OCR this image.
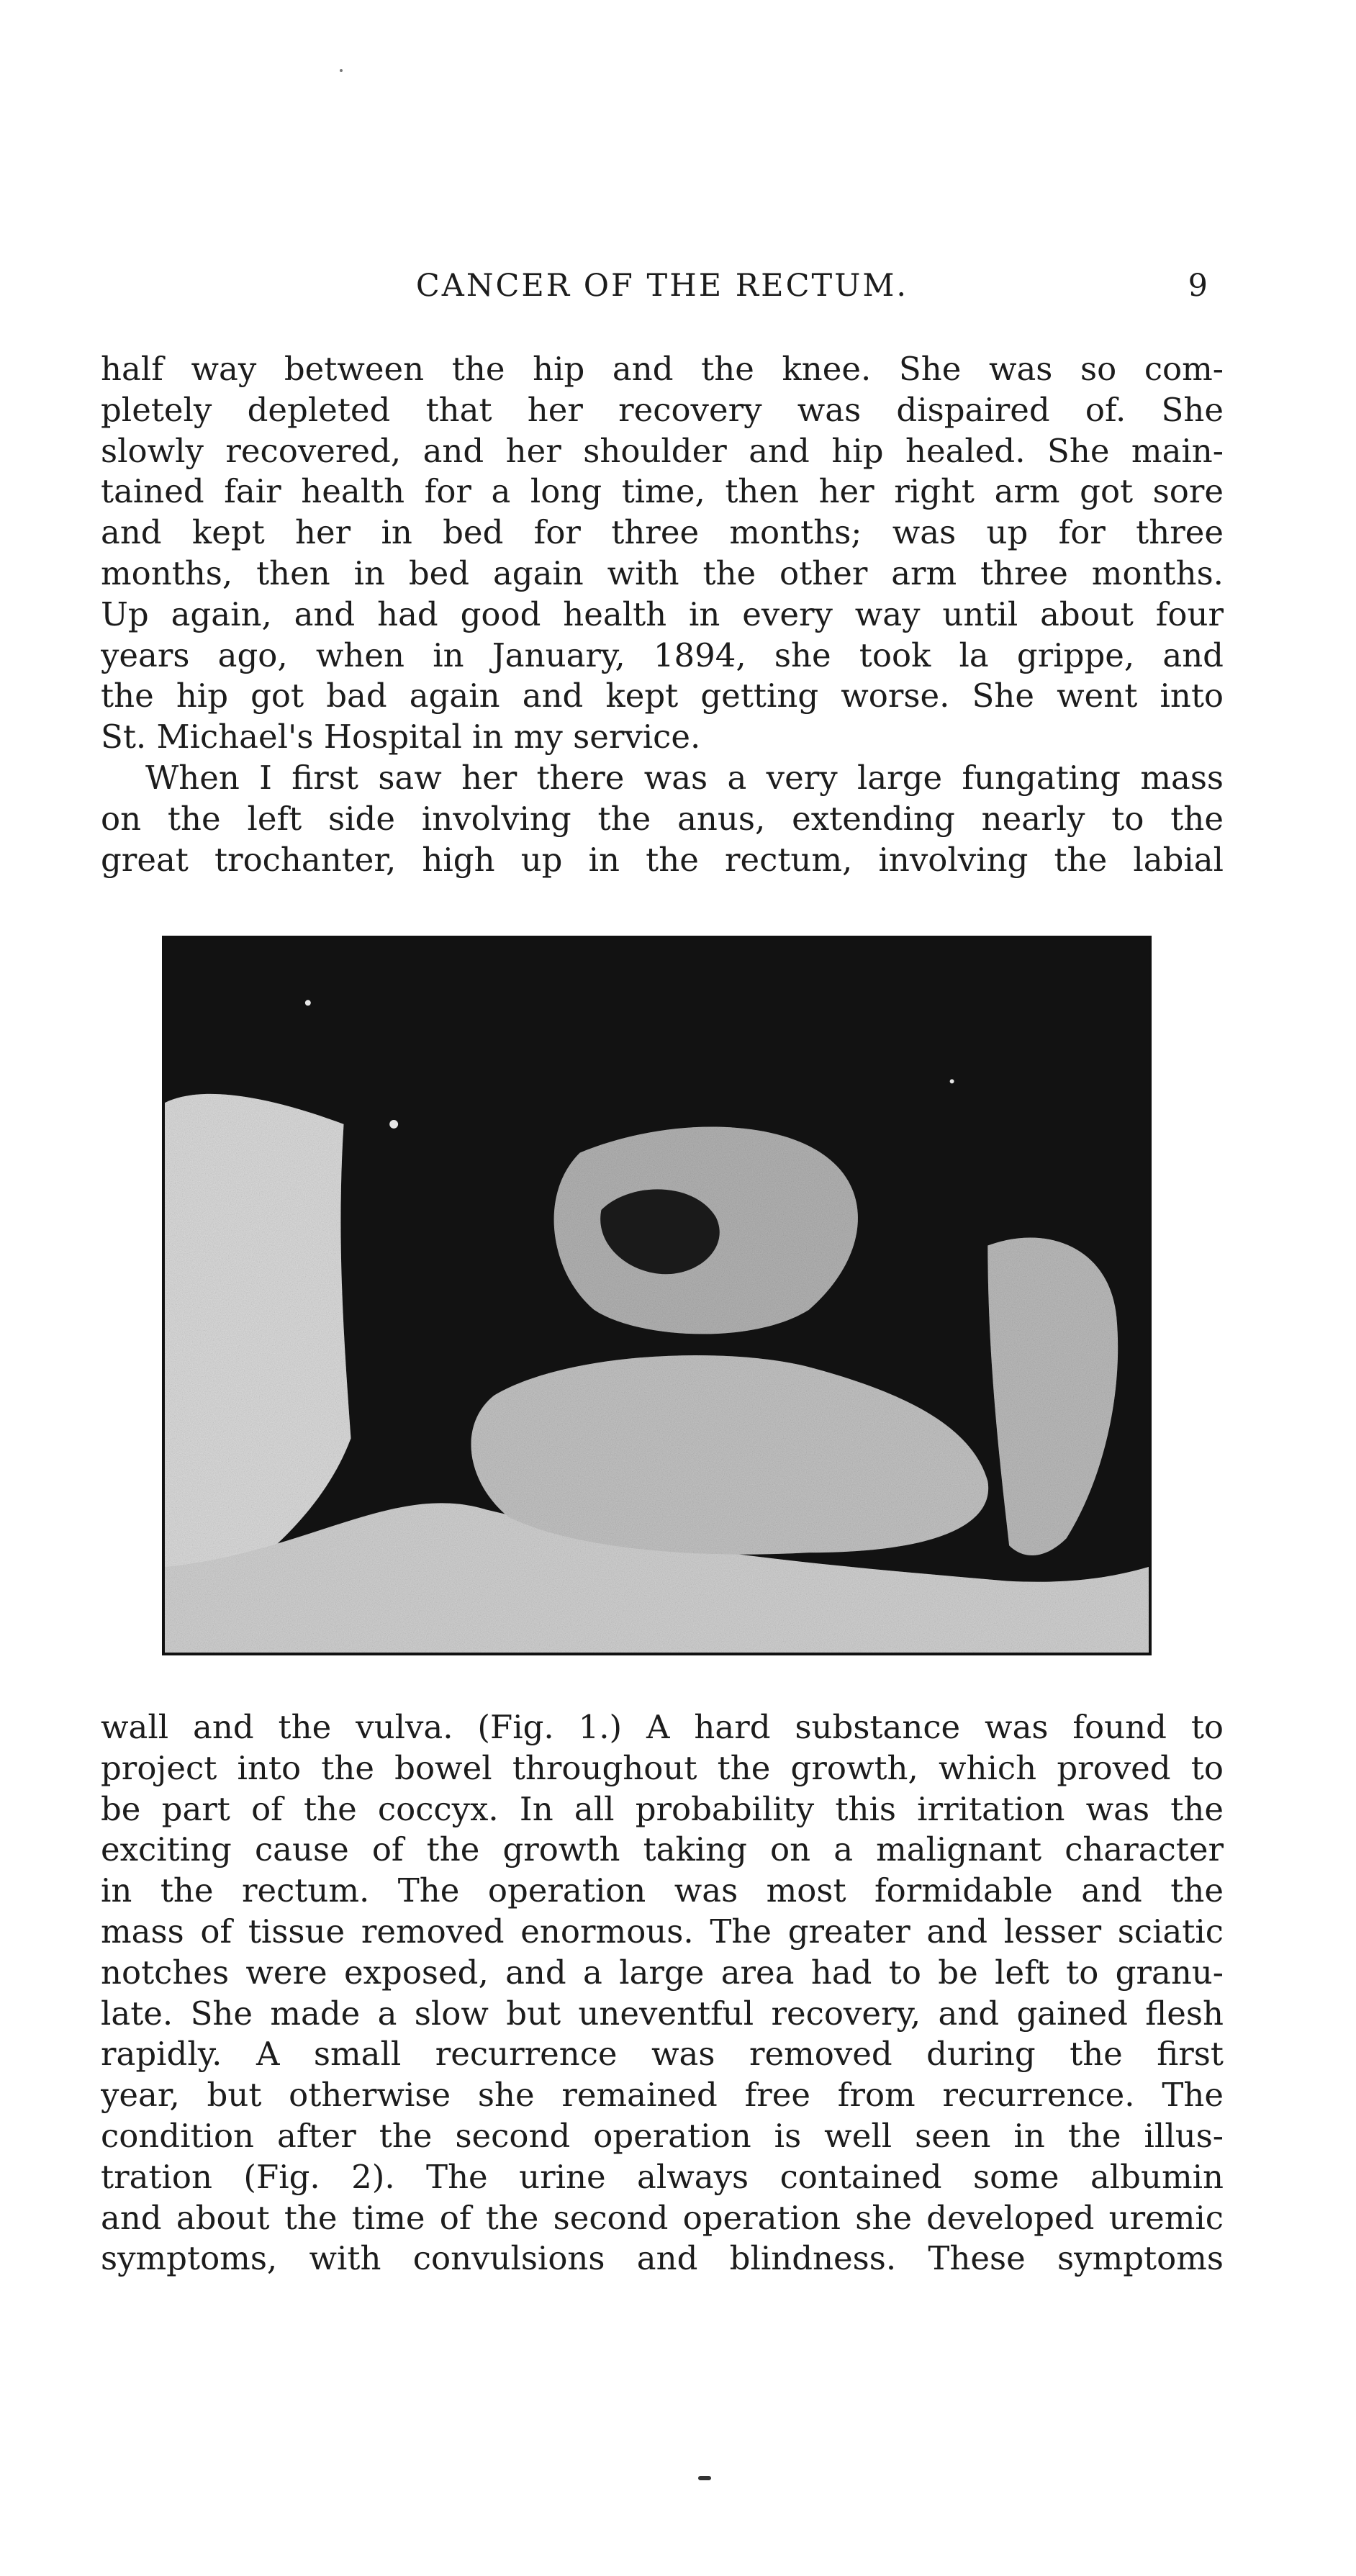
CANCER OF THE RECTUM.	9
half way between the hip and the knee. She was so com-
pletely depleted that her recovery was dispaired of. She
slowly recovered, and her shoulder and hip healed. She main-
tained fair health for a long time, then her right arm got sore
and kept her in bed for three months; was up for three
months, then in bed again with the other arm three months.
Up again, and had good health in every way until about four
years ago, when in January, 1894, she took la grippe, and
the hip got bad again and kept getting worse. She went into
St. Michael's Hospital in my service.
When I first saw her there was a very large fungating mass
on the left side involving the anus, extending nearly to the
great trochanter, high up in the rectum, involving the labial
wall and the vulva. (Fig. 1.) A hard substance was found to
project into the bowel throughout the growth, which proved to
be part of the coccyx. In all probability this irritation was the
exciting cause of the growth taking on a malignant character
in the rectum. The operation was most formidable and the
mass of tissue removed enormous. The greater and lesser sciatic
notches were exposed, and a large area had to be left to granu-
late. She made a slow but uneventful recovery, and gained flesh
rapidly. A small recurrence was removed during the first
year, but otherwise she remained free from recurrence. The
condition after the second operation is well seen in the illus-
tration (Fig. 2). The urine always contained some albumin
and about the time of the second operation she developed uremic
symptoms, with convulsions and blindness. These symptoms
